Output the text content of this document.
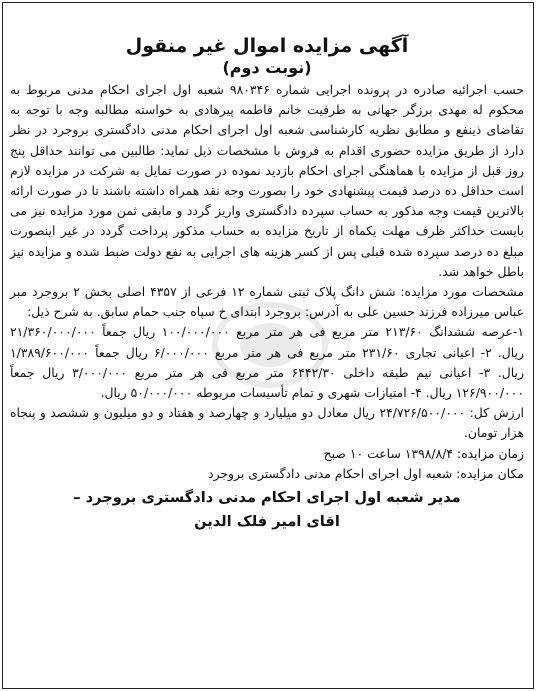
آگهی مزایده اموال غیر منقول
(نوبت دوم)

حسب اجرائیه صادره در پرونده اجرایی شماره ۹۸۰۳۴۶ شعبه اول اجرای احکام مدنی مربوط به محکوم له مهدی برزگر جهانی به طرفیت خانم فاطمه پیرهادی به خواسته مطالبه وجه با توجه به تقاضای ذینفع و مطابق نظریه کارشناسی شعبه اول اجرای احکام مدنی دادگستری بروجرد در نظر دارد از طریق مزایده حضوری اقدام به فروش با مشخصات ذیل نماید: طالبین می توانند حداقل پنج روز قبل از مزایده با هماهنگی اجرای احکام بازدید نموده در صورت تمایل به شرکت در مزایده لازم است حداقل ده درصد قیمت پیشنهادی خود را بصورت وجه نقد همراه داشته باشند تا در صورت ارائه بالاترین قیمت وجه مذکور به حساب سپرده دادگستری واریز گردد و مابقی ثمن مورد مزایده نیز می بایست حداکثر ظرف مهلت یکماه از تاریخ مزایده به حساب مذکور پرداخت گردد در غیر اینصورت مبلغ ده درصد سپرده شده قبلی پس از کسر هزینه های اجرایی به نفع دولت ضبط شده و مزایده نیز باطل خواهد شد.

مشخصات مورد مزایده: شش دانگ پلاک ثبتی شماره ۱۲ فرعی از ۴۳۵۷ اصلی بخش ۲ بروجرد مبر عباس میرزاده فرزند حسین علی به آدرس: بروجرد ابتدای خ سپاه جنب حمام سابق. به شرح ذیل:

۱-عرصه ششدانگ ۲۱۳/۶۰ متر مربع فی هر متر مربع ۱۰۰/۰۰۰/۰۰۰ ریال جمعاً ۲۱/۳۶۰/۰۰۰/۰۰۰ ریال. ۲- اعیانی تجاری ۲۳۱/۶۰ متر مربع فی هر متر مربع ۶/۰۰۰/۰۰۰ ریال جمعاً ۱/۳۸۹/۶۰۰/۰۰۰ ریال. ۳- اعیانی نیم طبقه داخلی ۶۴۴۲/۳۰ متر مربع فی هر متر مربع ۳/۰۰۰/۰۰۰ ریال جمعاً ۱۲۶/۹۰۰/۰۰۰ ریال. ۴- امتیازات شهری و تمام تأسیسات مربوطه ۵۰/۰۰۰/۰۰۰ ریال.

ارزش کل: ۲۴/۷۲۶/۵۰۰/۰۰۰ ریال معادل دو میلیارد و چهارصد و هفتاد و دو میلیون و ششصد و پنجاه هزار تومان.

زمان مزایده: ۱۳۹۸/۸/۴ ساعت ۱۰ صبح

مکان مزایده: شعبه اول اجرای احکام مدنی دادگستری بروجرد

مدیر شعبه اول اجرای احکام مدنی دادگستری بروجرد –

اقای امیر فلک الدین
